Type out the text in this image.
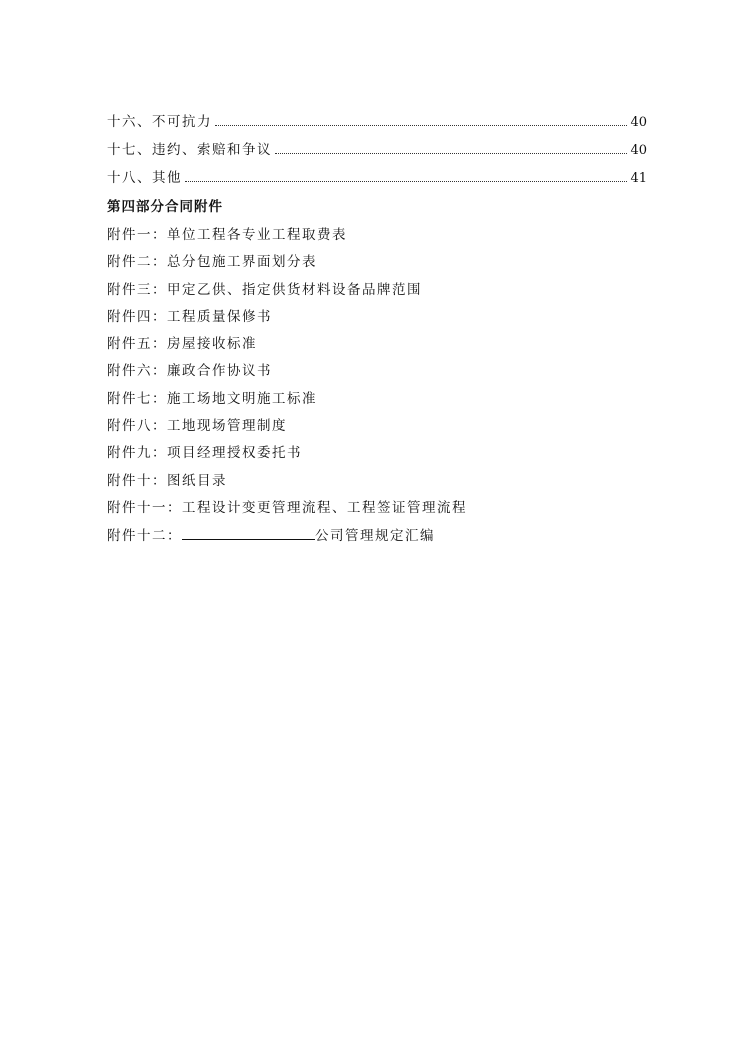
十六、不可抗力	40
十七、违约、索赔和争议	40
十八、其他	41
第四部分合同附件
附件一：单位工程各专业工程取费表
附件二：总分包施工界面划分表
附件三：甲定乙供、指定供货材料设备品牌范围
附件四：工程质量保修书
附件五：房屋接收标准
附件六：廉政合作协议书
附件七：施工场地文明施工标准
附件八：工地现场管理制度
附件九：项目经理授权委托书
附件十：图纸目录
附件十一：工程设计变更管理流程、工程签证管理流程
附件十二：	公司管理规定汇编
